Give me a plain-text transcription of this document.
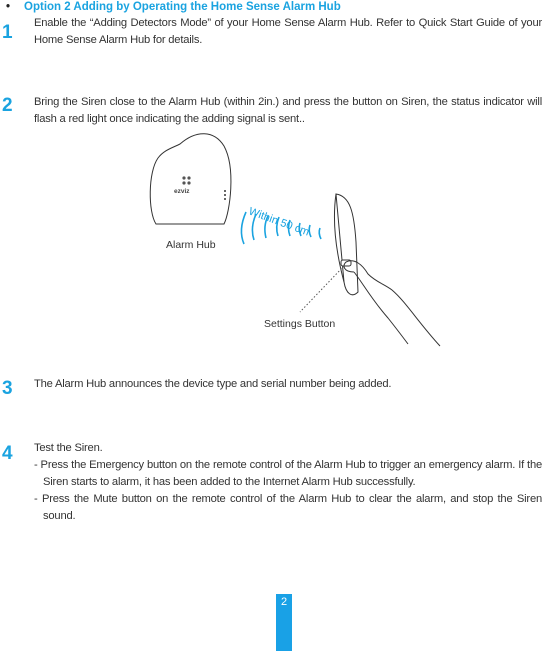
• Option 2 Adding by Operating the Home Sense Alarm Hub
1 Enable the “Adding Detectors Mode” of your Home Sense Alarm Hub. Refer to Quick Start Guide of your Home Sense Alarm Hub for details.

2 Bring the Siren close to the Alarm Hub (within 2in.) and press the button on Siren, the status indicator will flash a red light once indicating the adding signal is sent..

ezviz
Alarm Hub
Within 50 cm
Settings Button
3 The Alarm Hub announces the device type and serial number being added.

4 Test the Siren.

- Press the Emergency button on the remote control of the Alarm Hub to trigger an emergency alarm. If the Siren starts to alarm, it has been added to the Internet Alarm Hub successfully.

- Press the Mute button on the remote control of the Alarm Hub to clear the alarm, and stop the Siren sound.

2
